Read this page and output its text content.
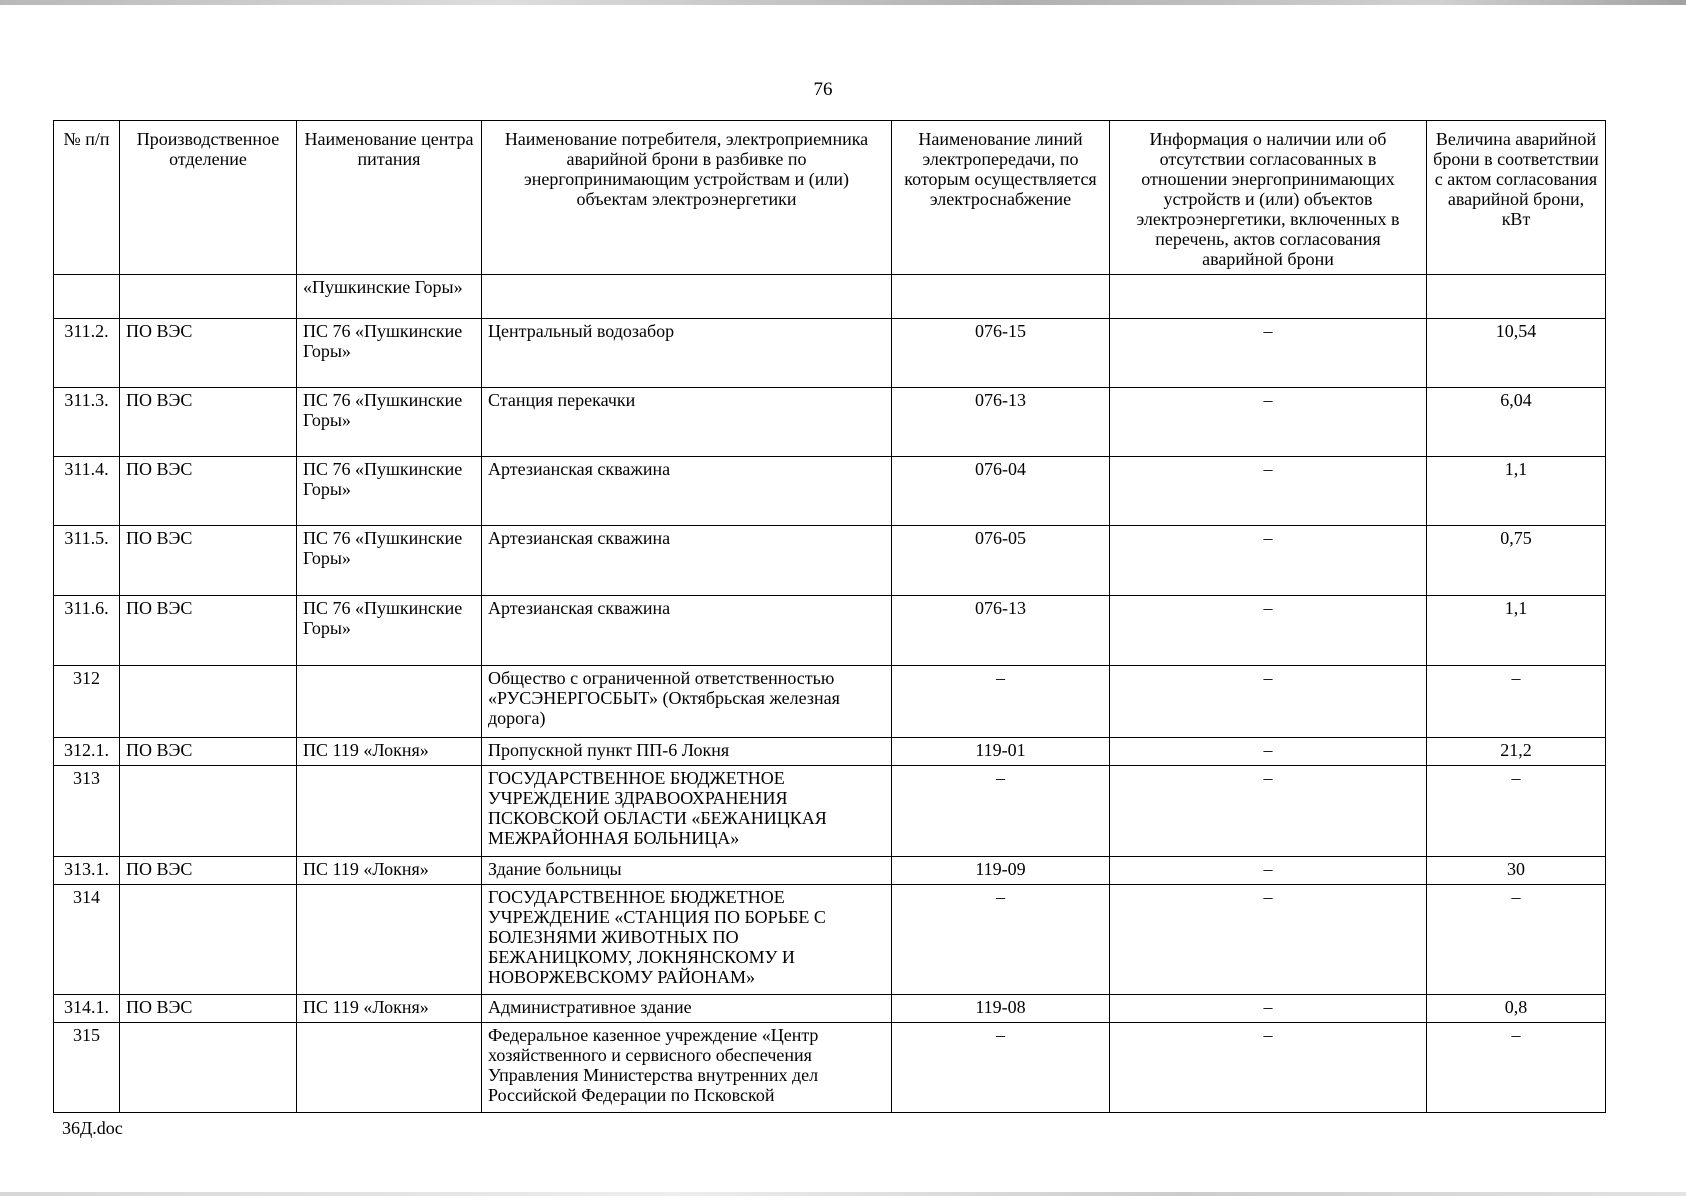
76
№ п/п	Производственное отделение	Наименование центра питания	Наименование потребителя, электроприемника аварийной брони в разбивке по энергопринимающим устройствам и (или) объектам электроэнергетики	Наименование линий электропередачи, по которым осуществляется электроснабжение	Информация о наличии или об отсутствии согласованных в отношении энергопринимающих устройств и (или) объектов электроэнергетики, включенных в перечень, актов согласования аварийной брони	Величина аварийной брони в соответствии с актом согласования аварийной брони, кВт
		«Пушкинские Горы»				
311.2.	ПО ВЭС	ПС 76 «Пушкинские Горы»	Центральный водозабор	076-15	–	10,54
311.3.	ПО ВЭС	ПС 76 «Пушкинские Горы»	Станция перекачки	076-13	–	6,04
311.4.	ПО ВЭС	ПС 76 «Пушкинские Горы»	Артезианская скважина	076-04	–	1,1
311.5.	ПО ВЭС	ПС 76 «Пушкинские Горы»	Артезианская скважина	076-05	–	0,75
311.6.	ПО ВЭС	ПС 76 «Пушкинские Горы»	Артезианская скважина	076-13	–	1,1
312			Общество с ограниченной ответственностью «РУСЭНЕРГОСБЫТ» (Октябрьская железная дорога)	–	–	–
312.1.	ПО ВЭС	ПС 119 «Локня»	Пропускной пункт ПП-6 Локня	119-01	–	21,2
313			ГОСУДАРСТВЕННОЕ БЮДЖЕТНОЕ УЧРЕЖДЕНИЕ ЗДРАВООХРАНЕНИЯ ПСКОВСКОЙ ОБЛАСТИ «БЕЖАНИЦКАЯ МЕЖРАЙОННАЯ БОЛЬНИЦА»	–	–	–
313.1.	ПО ВЭС	ПС 119 «Локня»	Здание больницы	119-09	–	30
314			ГОСУДАРСТВЕННОЕ БЮДЖЕТНОЕ УЧРЕЖДЕНИЕ «СТАНЦИЯ ПО БОРЬБЕ С БОЛЕЗНЯМИ ЖИВОТНЫХ ПО БЕЖАНИЦКОМУ, ЛОКНЯНСКОМУ И НОВОРЖЕВСКОМУ РАЙОНАМ»	–	–	–
314.1.	ПО ВЭС	ПС 119 «Локня»	Административное здание	119-08	–	0,8
315			Федеральное казенное учреждение «Центр хозяйственного и сервисного обеспечения Управления Министерства внутренних дел Российской Федерации по Псковской	–	–	–
36Д.doc
